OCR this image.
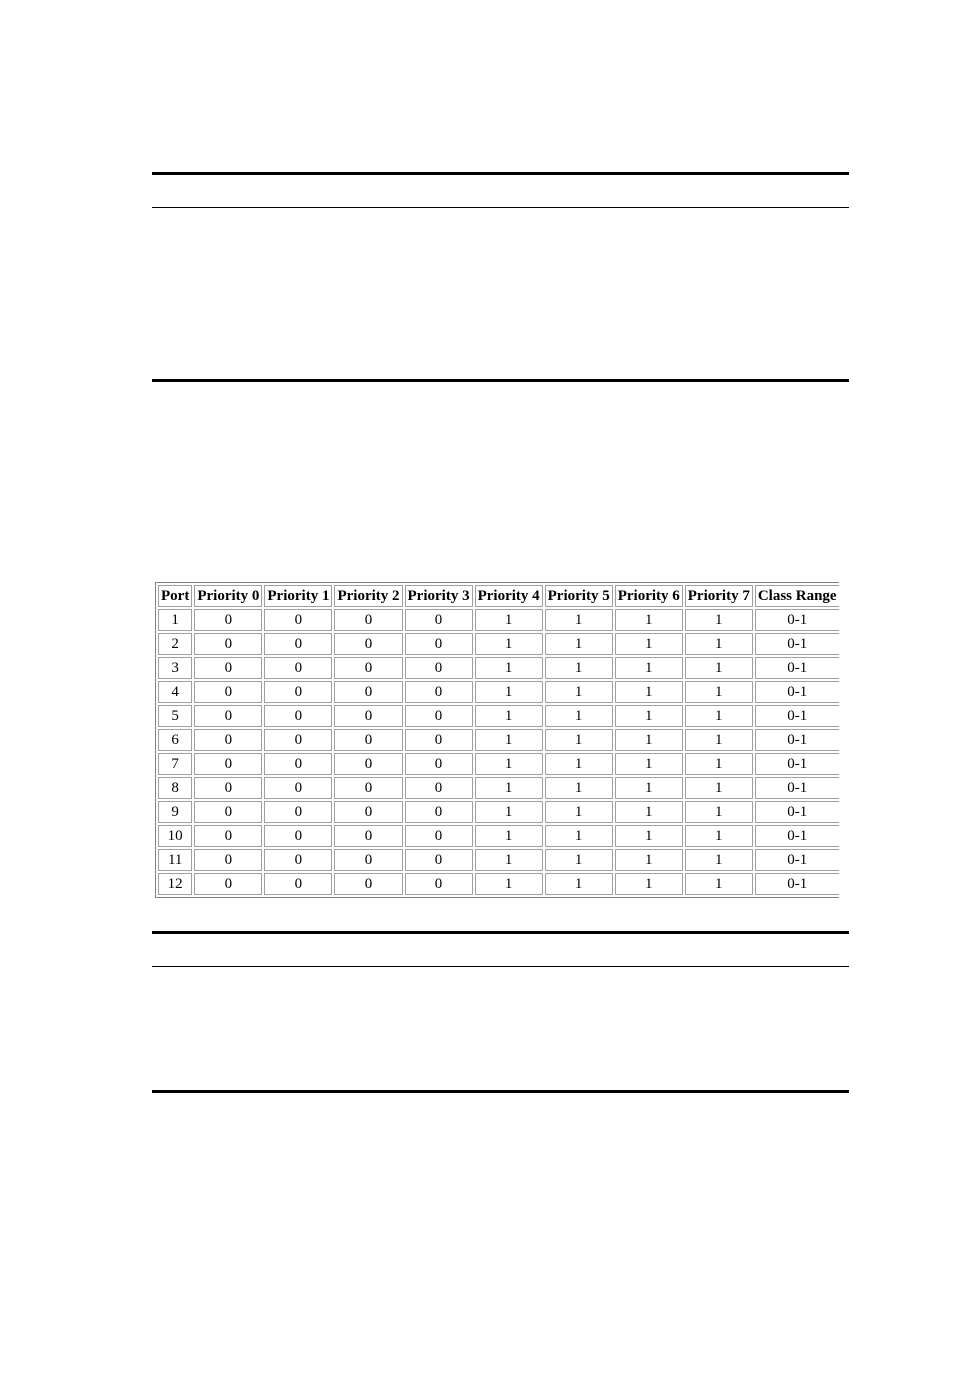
Port	Priority 0	Priority 1	Priority 2	Priority 3	Priority 4	Priority 5	Priority 6	Priority 7	Class Range
1	0	0	0	0	1	1	1	1	0-1
2	0	0	0	0	1	1	1	1	0-1
3	0	0	0	0	1	1	1	1	0-1
4	0	0	0	0	1	1	1	1	0-1
5	0	0	0	0	1	1	1	1	0-1
6	0	0	0	0	1	1	1	1	0-1
7	0	0	0	0	1	1	1	1	0-1
8	0	0	0	0	1	1	1	1	0-1
9	0	0	0	0	1	1	1	1	0-1
10	0	0	0	0	1	1	1	1	0-1
11	0	0	0	0	1	1	1	1	0-1
12	0	0	0	0	1	1	1	1	0-1
